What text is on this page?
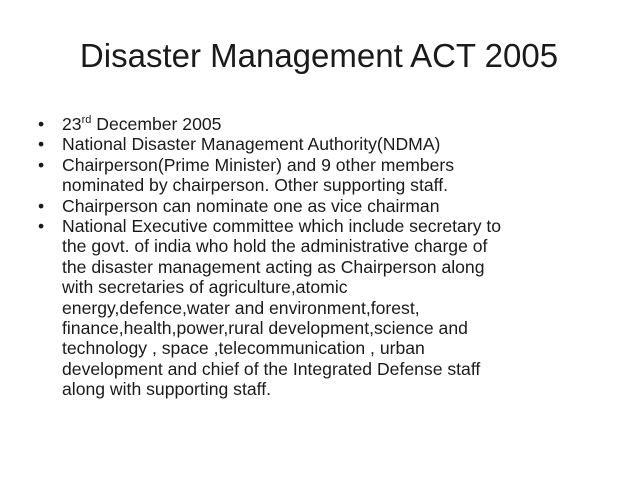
Disaster Management ACT 2005
•	23rd December 2005
•	National Disaster Management Authority(NDMA)
•	Chairperson(Prime Minister) and 9 other members
nominated by chairperson. Other supporting staff.
•	Chairperson can nominate one as vice chairman
•	National Executive committee which include secretary to
the govt. of india who hold the administrative charge of
the disaster management acting as Chairperson along
with secretaries of agriculture,atomic
energy,defence,water and environment,forest,
finance,health,power,rural development,science and
technology , space ,telecommunication , urban
development and chief of the Integrated Defense staff
along with supporting staff.
